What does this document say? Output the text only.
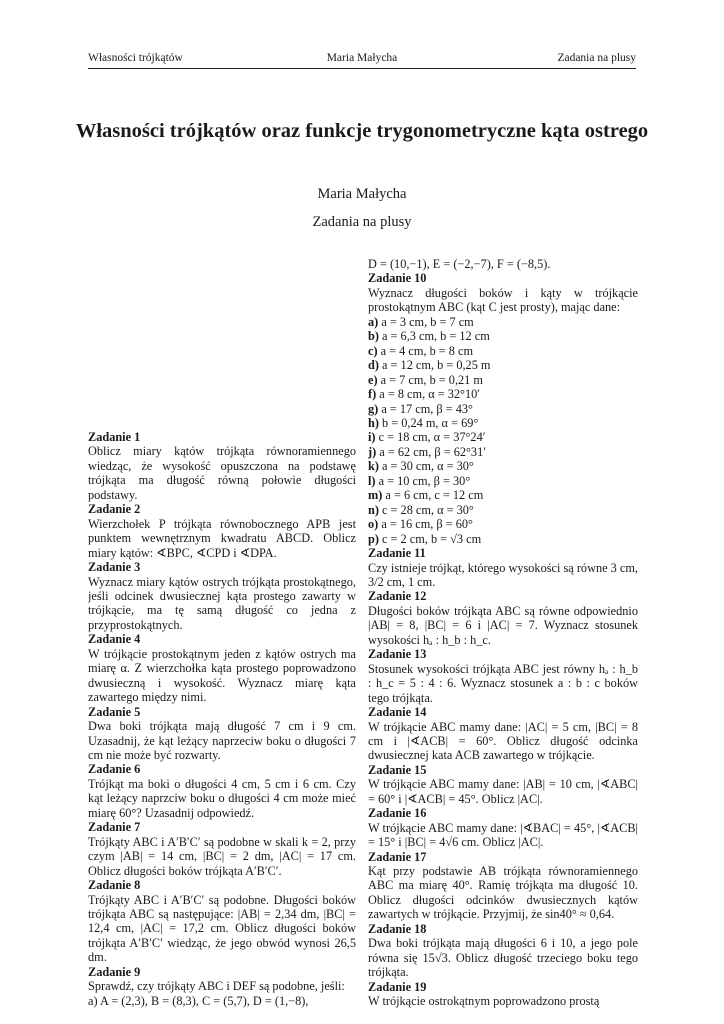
Własności trójkątów	Maria Małycha	Zadania na plusy
Własności trójkątów oraz funkcje trygonometryczne kąta ostrego
Maria Małycha
Zadania na plusy

Zadanie 1
Oblicz miary kątów trójkąta równoramiennego wiedząc, że wysokość opuszczona na podstawę trójkąta ma długość równą połowie długości podstawy.

Zadanie 2
Wierzchołek P trójkąta równobocznego APB jest punktem wewnętrznym kwadratu ABCD. Oblicz miary kątów: ∢BPC, ∢CPD i ∢DPA.

Zadanie 3
Wyznacz miary kątów ostrych trójkąta prostokątnego, jeśli odcinek dwusiecznej kąta prostego zawarty w trójkącie, ma tę samą długość co jedna z przyprostokątnych.

Zadanie 4
W trójkącie prostokątnym jeden z kątów ostrych ma miarę α. Z wierzchołka kąta prostego poprowadzono dwusieczną i wysokość. Wyznacz miarę kąta zawartego między nimi.

Zadanie 5
Dwa boki trójkąta mają długość 7 cm i 9 cm. Uzasadnij, że kąt leżący naprzeciw boku o długości 7 cm nie może być rozwarty.

Zadanie 6
Trójkąt ma boki o długości 4 cm, 5 cm i 6 cm. Czy kąt leżący naprzciw boku o długości 4 cm może mieć miarę 60°? Uzasadnij odpowiedź.

Zadanie 7
Trójkąty ABC i A′B′C′ są podobne w skali k = 2, przy czym |AB| = 14 cm, |BC| = 2 dm, |AC| = 17 cm. Oblicz długości boków trójkąta A′B′C′.

Zadanie 8
Trójkąty ABC i A′B′C′ są podobne. Długości boków trójkąta ABC są następujące: |AB| = 2,34 dm, |BC| = 12,4 cm, |AC| = 17,2 cm. Oblicz długości boków trójkąta A′B′C′ wiedząc, że jego obwód wynosi 26,5 dm.

Zadanie 9
Sprawdź, czy trójkąty ABC i DEF są podobne, jeśli:

a) A = (2,3), B = (8,3), C = (5,7), D = (1,−8),

D = (10,−1), E = (−2,−7), F = (−8,5).

Zadanie 10
Wyznacz długości boków i kąty w trójkącie prostokątnym ABC (kąt C jest prosty), mając dane:

a) a = 3 cm, b = 7 cm
b) a = 6,3 cm, b = 12 cm
c) a = 4 cm, b = 8 cm
d) a = 12 cm, b = 0,25 m
e) a = 7 cm, b = 0,21 m
f) a = 8 cm, α = 32°10′
g) a = 17 cm, β = 43°
h) b = 0,24 m, α = 69°
i) c = 18 cm, α = 37°24′
j) a = 62 cm, β = 62°31′
k) a = 30 cm, α = 30°
l) a = 10 cm, β = 30°
m) a = 6 cm, c = 12 cm
n) c = 28 cm, α = 30°
o) a = 16 cm, β = 60°
p) c = 2 cm, b = √3 cm

Zadanie 11
Czy istnieje trójkąt, którego wysokości są równe 3 cm, 3/2 cm, 1 cm.

Zadanie 12
Długości boków trójkąta ABC są równe odpowiednio |AB| = 8, |BC| = 6 i |AC| = 7. Wyznacz stosunek wysokości hₐ : h_b : h_c.

Zadanie 13
Stosunek wysokości trójkąta ABC jest równy hₐ : h_b : h_c = 5 : 4 : 6. Wyznacz stosunek a : b : c boków tego trójkąta.

Zadanie 14
W trójkącie ABC mamy dane: |AC| = 5 cm, |BC| = 8 cm i |∢ACB| = 60°. Oblicz długość odcinka dwusiecznej kata ACB zawartego w trójkącie.

Zadanie 15
W trójkącie ABC mamy dane: |AB| = 10 cm, |∢ABC| = 60° i |∢ACB| = 45°. Oblicz |AC|.

Zadanie 16
W trójkącie ABC mamy dane: |∢BAC| = 45°, |∢ACB| = 15° i |BC| = 4√6 cm. Oblicz |AC|.

Zadanie 17
Kąt przy podstawie AB trójkąta równoramiennego ABC ma miarę 40°. Ramię trójkąta ma długość 10. Oblicz długości odcinków dwusiecznych kątów zawartych w trójkącie. Przyjmij, że sin40° ≈ 0,64.

Zadanie 18
Dwa boki trójkąta mają długości 6 i 10, a jego pole równa się 15√3. Oblicz długość trzeciego boku tego trójkąta.

Zadanie 19
W trójkącie ostrokątnym poprowadzono prostą
